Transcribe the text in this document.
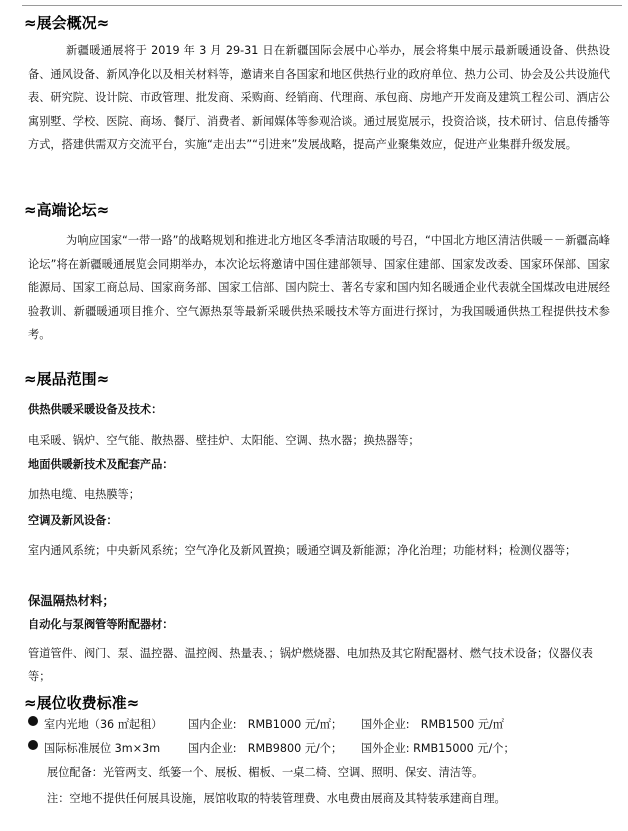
≈展会概况≈

新疆暖通展将于 2019 年 3 月 29-31 日在新疆国际会展中心举办，展会将集中展示最新暖通设备、供热设备、通风设备、新风净化以及相关材料等，邀请来自各国家和地区供热行业的政府单位、热力公司、协会及公共设施代表、研究院、设计院、市政管理、批发商、采购商、经销商、代理商、承包商、房地产开发商及建筑工程公司、酒店公寓别墅、学校、医院、商场、餐厅、消费者、新闻媒体等参观洽谈。通过展览展示，投资洽谈，技术研讨、信息传播等方式，搭建供需双方交流平台，实施“走出去”“引进来”发展战略，提高产业聚集效应，促进产业集群升级发展。

≈高端论坛≈

为响应国家“一带一路”的战略规划和推进北方地区冬季清洁取暖的号召，“中国北方地区清洁供暖－－新疆高峰论坛”将在新疆暖通展览会同期举办，本次论坛将邀请中国住建部领导、国家住建部、国家发改委、国家环保部、国家能源局、国家工商总局、国家商务部、国家工信部、国内院士、著名专家和国内知名暖通企业代表就全国煤改电进展经验教训、新疆暖通项目推介、空气源热泵等最新采暖供热采暖技术等方面进行探讨，为我国暖通供热工程提供技术参考。

≈展品范围≈

供热供暖采暖设备及技术：

电采暖、锅炉、空气能、散热器、壁挂炉、太阳能、空调、热水器；换热器等；

地面供暖新技术及配套产品：

加热电缆、电热膜等；

空调及新风设备：

室内通风系统；中央新风系统；空气净化及新风置换；暖通空调及新能源；净化治理；功能材料；检测仪器等；

保温隔热材料；

自动化与泵阀管等附配器材：

管道管件、阀门、泵、温控器、温控阀、热量表、；锅炉燃烧器、电加热及其它附配器材、燃气技术设备；仪器仪表等；

≈展位收费标准≈
室内光地（36 ㎡起租） 国内企业:　RMB1000 元/㎡； 国外企业:　RMB1500 元/㎡
国际标准展位 3m×3m 国内企业:　RMB9800 元/个； 国外企业: RMB15000 元/个；
展位配备：光管两支、纸篓一个、展板、楣板、一桌二椅、空调、照明、保安、清洁等。
注：空地不提供任何展具设施，展馆收取的特装管理费、水电费由展商及其特装承建商自理。
